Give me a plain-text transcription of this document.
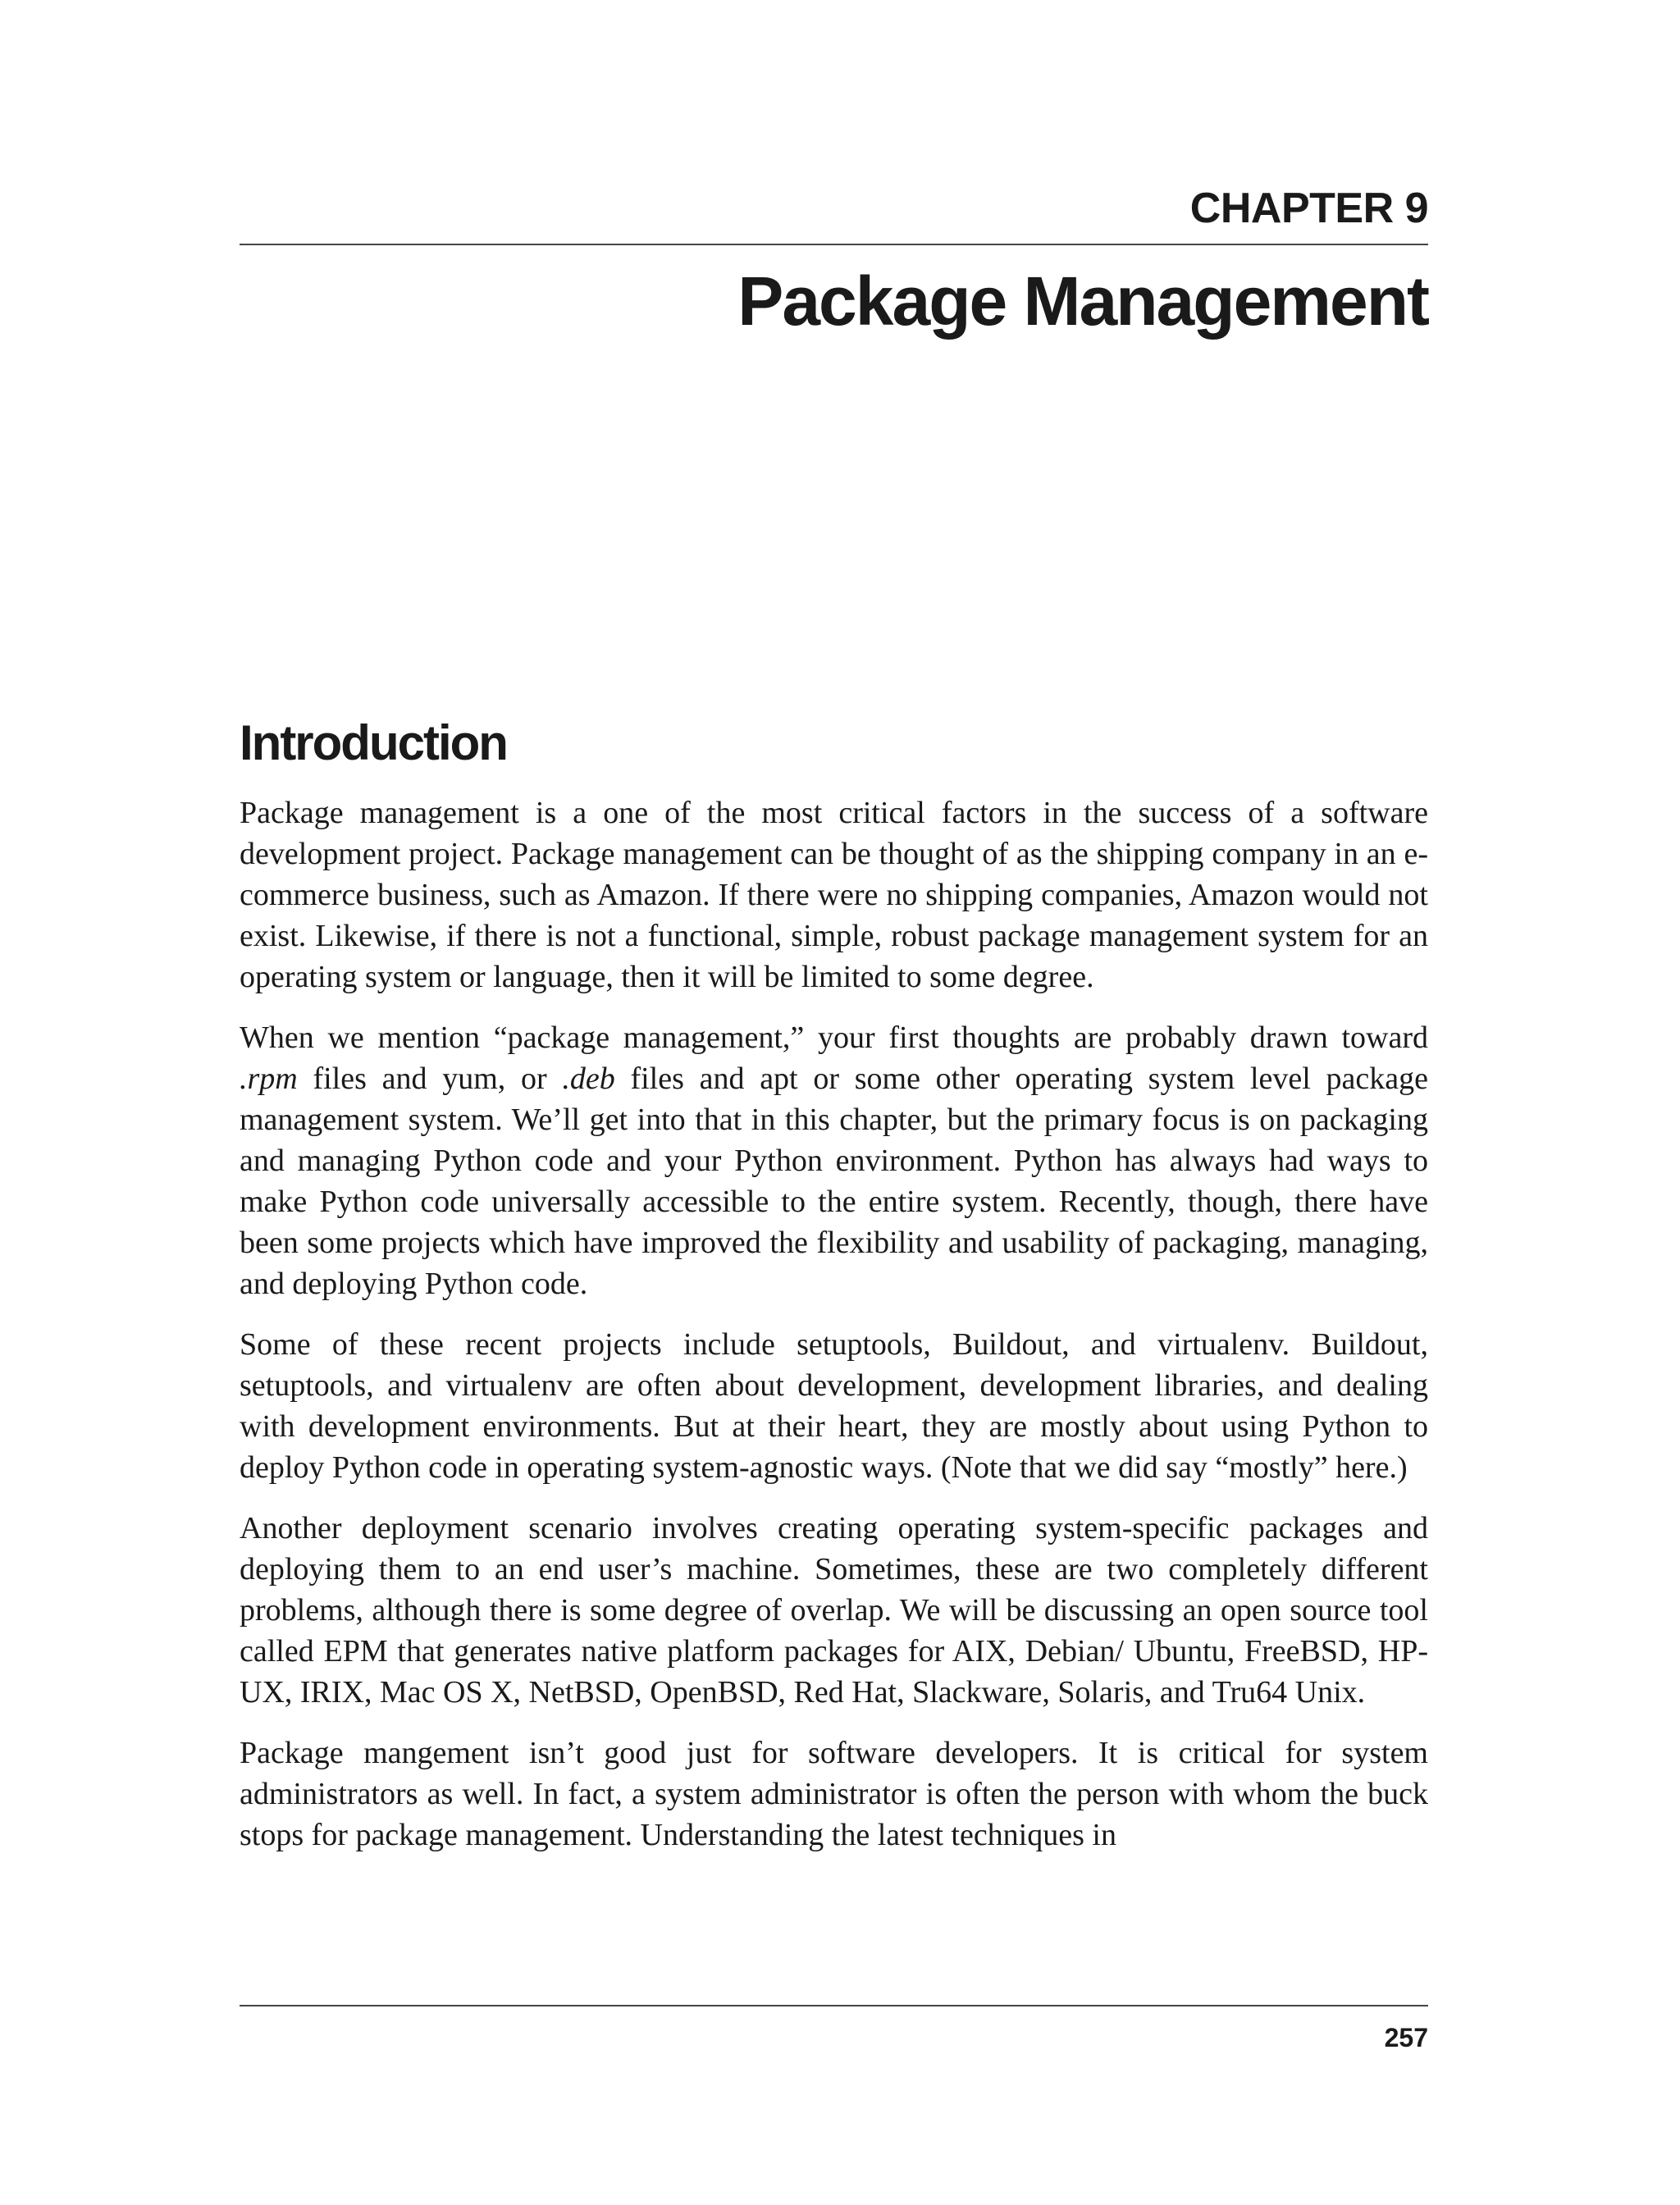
CHAPTER 9
Package Management
Introduction

Package management is a one of the most critical factors in the success of a software development project. Package management can be thought of as the shipping company in an e-commerce business, such as Amazon. If there were no shipping companies, Amazon would not exist. Likewise, if there is not a functional, simple, robust package management system for an operating system or language, then it will be limited to some degree.

When we mention “package management,” your first thoughts are probably drawn toward .rpm files and yum, or .deb files and apt or some other operating system level package management system. We’ll get into that in this chapter, but the primary focus is on packaging and managing Python code and your Python environment. Python has always had ways to make Python code universally accessible to the entire system. Recently, though, there have been some projects which have improved the flexibility and usability of packaging, managing, and deploying Python code.

Some of these recent projects include setuptools, Buildout, and virtualenv. Buildout, setuptools, and virtualenv are often about development, development libraries, and dealing with development environments. But at their heart, they are mostly about using Python to deploy Python code in operating system-agnostic ways. (Note that we did say “mostly” here.)

Another deployment scenario involves creating operating system-specific packages and deploying them to an end user’s machine. Sometimes, these are two completely different problems, although there is some degree of overlap. We will be discussing an open source tool called EPM that generates native platform packages for AIX, Debian/ Ubuntu, FreeBSD, HP-UX, IRIX, Mac OS X, NetBSD, OpenBSD, Red Hat, Slackware, Solaris, and Tru64 Unix.

Package mangement isn’t good just for software developers. It is critical for system administrators as well. In fact, a system administrator is often the person with whom the buck stops for package management. Understanding the latest techniques in

257
